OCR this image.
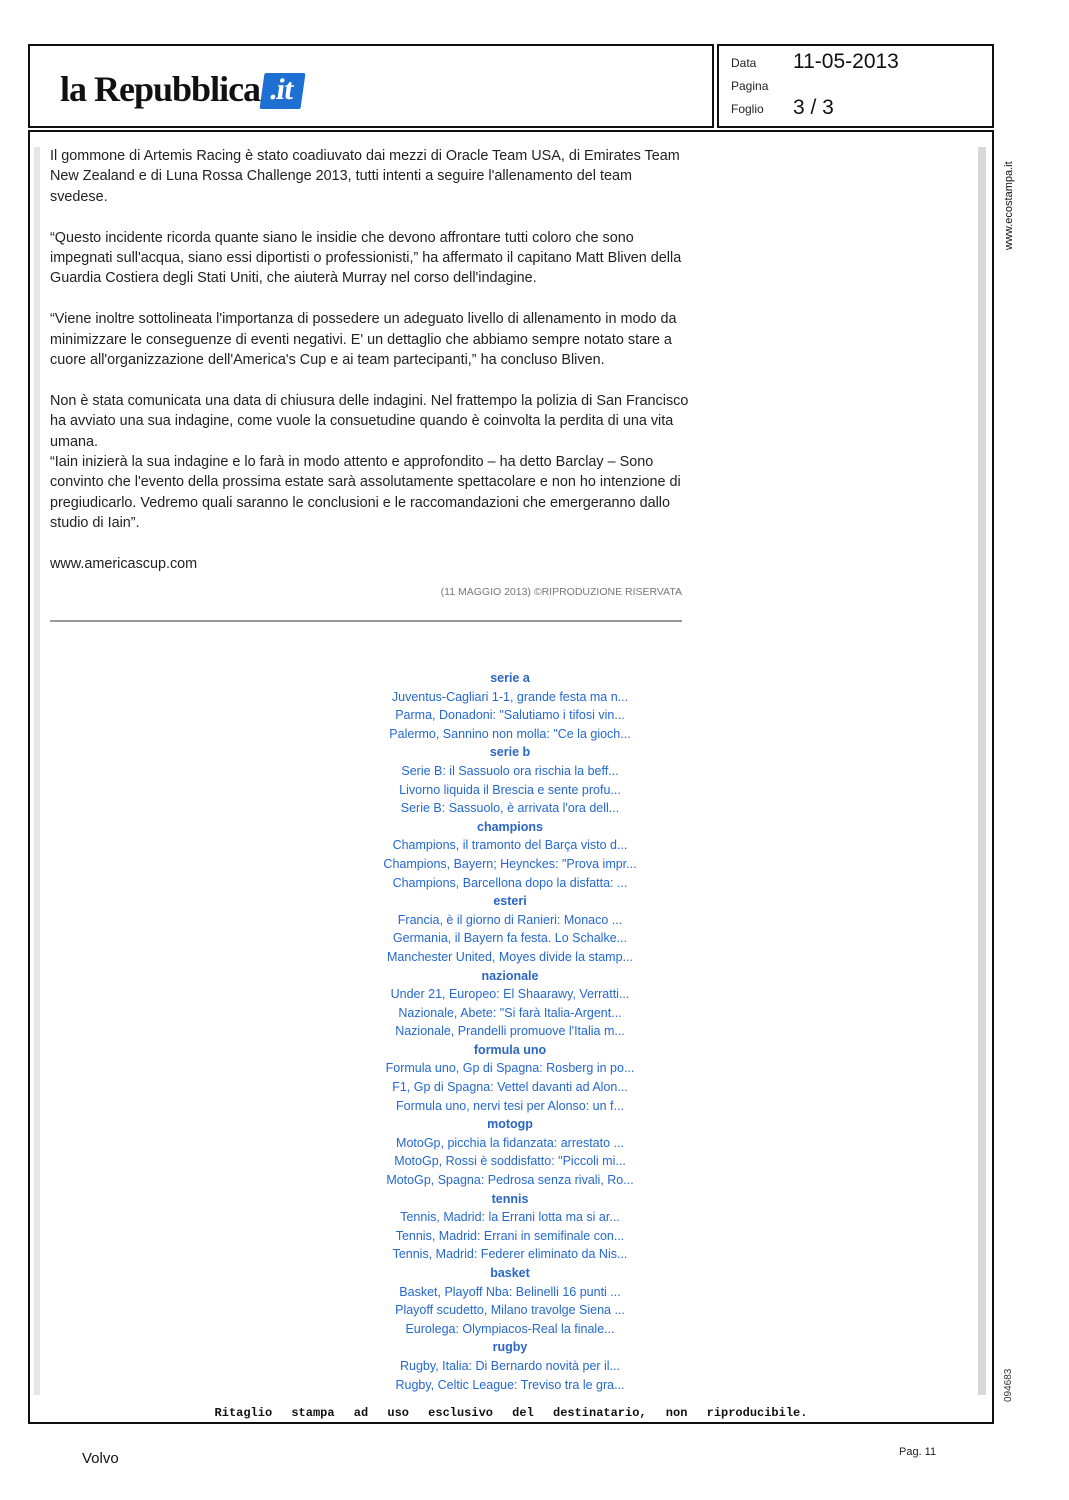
la Repubblica .it
Data 11-05-2013
Pagina
Foglio 3 / 3

Il gommone di Artemis Racing è stato coadiuvato dai mezzi di Oracle Team USA, di Emirates Team New Zealand e di Luna Rossa Challenge 2013, tutti intenti a seguire l'allenamento del team svedese.

“Questo incidente ricorda quante siano le insidie che devono affrontare tutti coloro che sono impegnati sull'acqua, siano essi diportisti o professionisti,” ha affermato il capitano Matt Bliven della Guardia Costiera degli Stati Uniti, che aiuterà Murray nel corso dell'indagine.

“Viene inoltre sottolineata l'importanza di possedere un adeguato livello di allenamento in modo da minimizzare le conseguenze di eventi negativi. E' un dettaglio che abbiamo sempre notato stare a cuore all'organizzazione dell'America's Cup e ai team partecipanti,” ha concluso Bliven.

Non è stata comunicata una data di chiusura delle indagini. Nel frattempo la polizia di San Francisco ha avviato una sua indagine, come vuole la consuetudine quando è coinvolta la perdita di una vita umana.

“Iain inizierà la sua indagine e lo farà in modo attento e approfondito – ha detto Barclay – Sono convinto che l'evento della prossima estate sarà assolutamente spettacolare e non ho intenzione di pregiudicarlo. Vedremo quali saranno le conclusioni e le raccomandazioni che emergeranno dallo studio di Iain”.

www.americascup.com

(11 MAGGIO 2013) ©RIPRODUZIONE RISERVATA
serie a
Juventus-Cagliari 1-1, grande festa ma n...
Parma, Donadoni: "Salutiamo i tifosi vin...
Palermo, Sannino non molla: "Ce la gioch...
serie b
Serie B: il Sassuolo ora rischia la beff...
Livorno liquida il Brescia e sente profu...
Serie B: Sassuolo, è arrivata l'ora dell...
champions
Champions, il tramonto del Barça visto d...
Champions, Bayern; Heynckes: "Prova impr...
Champions, Barcellona dopo la disfatta: ...
esteri
Francia, è il giorno di Ranieri: Monaco ...
Germania, il Bayern fa festa. Lo Schalke...
Manchester United, Moyes divide la stamp...
nazionale
Under 21, Europeo: El Shaarawy, Verratti...
Nazionale, Abete: "Si farà Italia-Argent...
Nazionale, Prandelli promuove l'Italia m...
formula uno
Formula uno, Gp di Spagna: Rosberg in po...
F1, Gp di Spagna: Vettel davanti ad Alon...
Formula uno, nervi tesi per Alonso: un f...
motogp
MotoGp, picchia la fidanzata: arrestato ...
MotoGp, Rossi è soddisfatto: "Piccoli mi...
MotoGp, Spagna: Pedrosa senza rivali, Ro...
tennis
Tennis, Madrid: la Errani lotta ma si ar...
Tennis, Madrid: Errani in semifinale con...
Tennis, Madrid: Federer eliminato da Nis...
basket
Basket, Playoff Nba: Belinelli 16 punti ...
Playoff scudetto, Milano travolge Siena ...
Eurolega: Olympiacos-Real la finale...
rugby
Rugby, Italia: Di Bernardo novità per il...
Rugby, Celtic League: Treviso tra le gra...
Ritaglio stampa ad uso esclusivo del destinatario, non riproducibile.
www.ecostampa.it
094683
Volvo	Pag. 11
